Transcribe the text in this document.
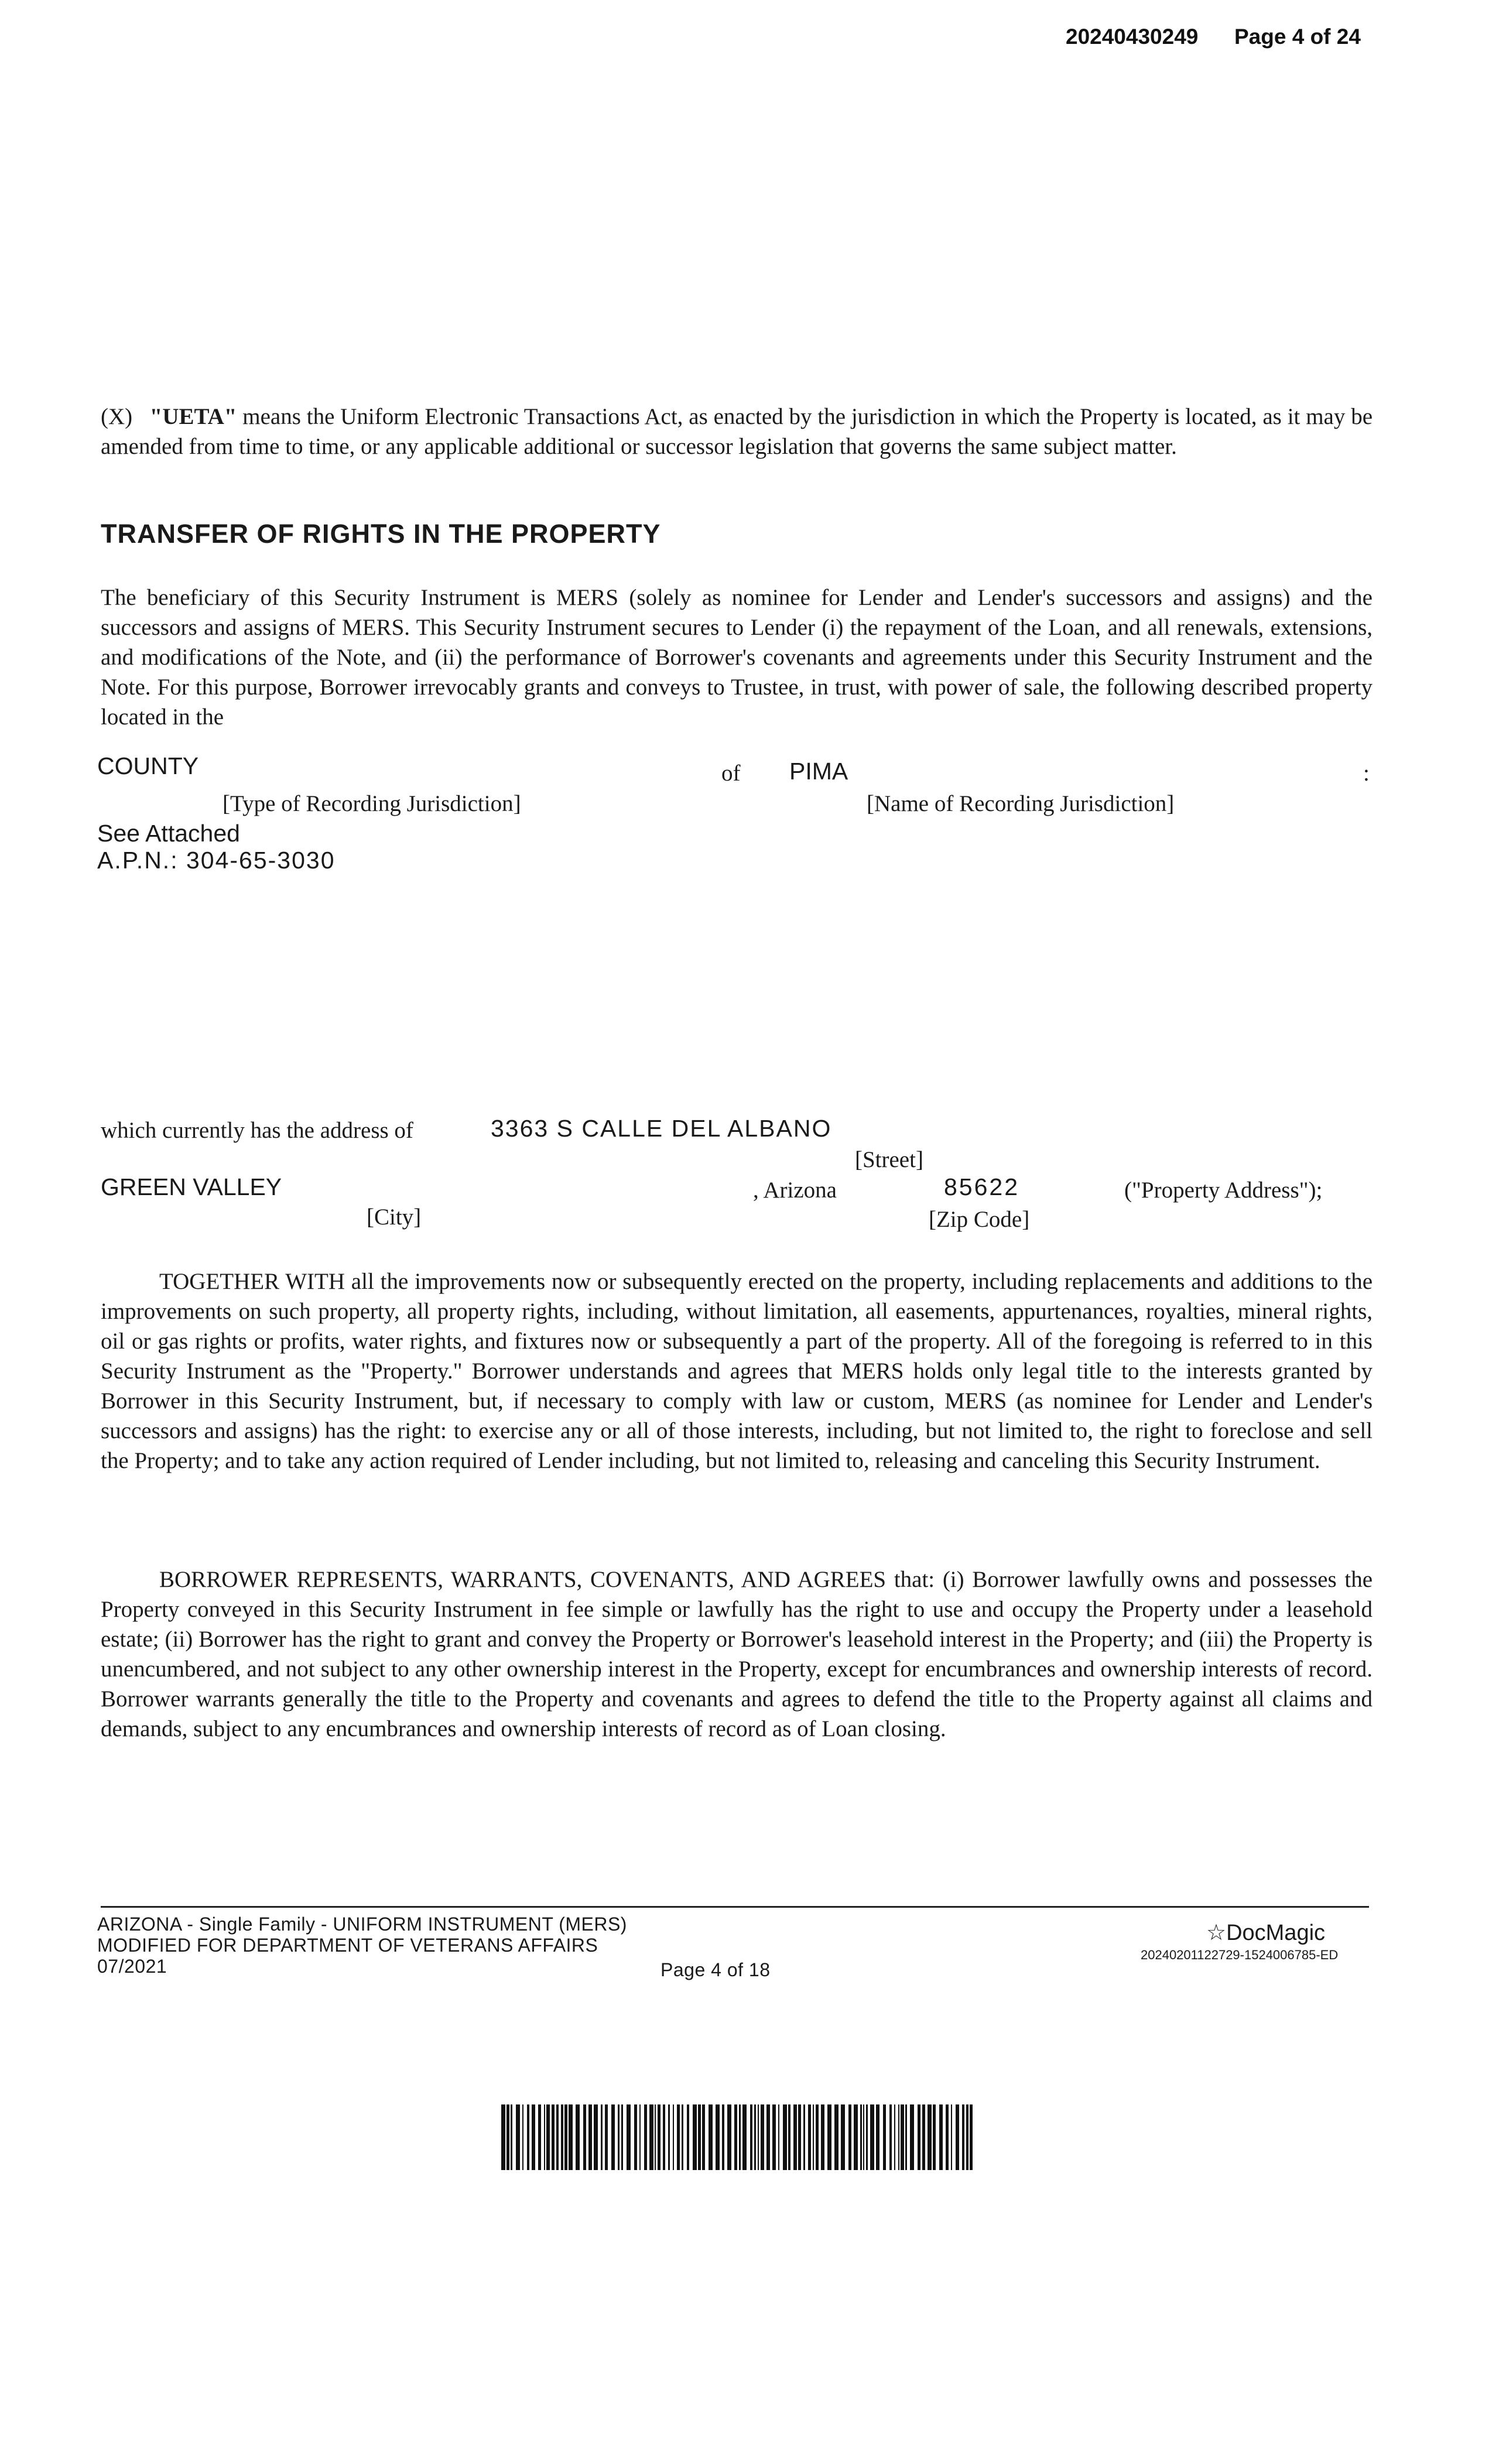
20240430249 Page 4 of 24

(X) "UETA" means the Uniform Electronic Transactions Act, as enacted by the jurisdiction in which the Property is located, as it may be amended from time to time, or any applicable additional or successor legislation that governs the same subject matter.

TRANSFER OF RIGHTS IN THE PROPERTY

The beneficiary of this Security Instrument is MERS (solely as nominee for Lender and Lender's successors and assigns) and the successors and assigns of MERS. This Security Instrument secures to Lender (i) the repayment of the Loan, and all renewals, extensions, and modifications of the Note, and (ii) the performance of Borrower's covenants and agreements under this Security Instrument and the Note. For this purpose, Borrower irrevocably grants and conveys to Trustee, in trust, with power of sale, the following described property located in the

COUNTY	of PIMA	:
[Type of Recording Jurisdiction]	[Name of Recording Jurisdiction]
See Attached
A.P.N.: 304-65-3030
which currently has the address of	3363 S CALLE DEL ALBANO
[Street]
GREEN VALLEY	, Arizona	85622	("Property Address");
[City]	[Zip Code]

TOGETHER WITH all the improvements now or subsequently erected on the property, including replacements and additions to the improvements on such property, all property rights, including, without limitation, all easements, appurtenances, royalties, mineral rights, oil or gas rights or profits, water rights, and fixtures now or subsequently a part of the property. All of the foregoing is referred to in this Security Instrument as the "Property." Borrower understands and agrees that MERS holds only legal title to the interests granted by Borrower in this Security Instrument, but, if necessary to comply with law or custom, MERS (as nominee for Lender and Lender's successors and assigns) has the right: to exercise any or all of those interests, including, but not limited to, the right to foreclose and sell the Property; and to take any action required of Lender including, but not limited to, releasing and canceling this Security Instrument.

BORROWER REPRESENTS, WARRANTS, COVENANTS, AND AGREES that: (i) Borrower lawfully owns and possesses the Property conveyed in this Security Instrument in fee simple or lawfully has the right to use and occupy the Property under a leasehold estate; (ii) Borrower has the right to grant and convey the Property or Borrower's leasehold interest in the Property; and (iii) the Property is unencumbered, and not subject to any other ownership interest in the Property, except for encumbrances and ownership interests of record. Borrower warrants generally the title to the Property and covenants and agrees to defend the title to the Property against all claims and demands, subject to any encumbrances and ownership interests of record as of Loan closing.

ARIZONA - Single Family - UNIFORM INSTRUMENT (MERS)
MODIFIED FOR DEPARTMENT OF VETERANS AFFAIRS
07/2021	Page 4 of 18
☆DocMagic
20240201122729-1524006785-ED
